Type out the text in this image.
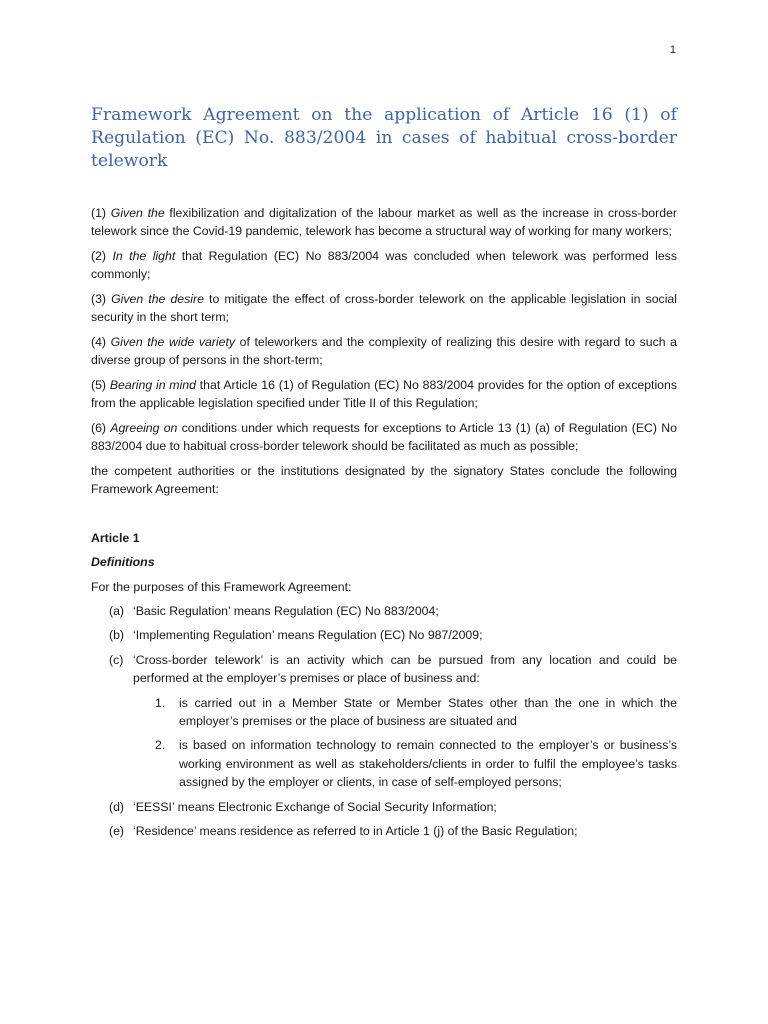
1
Framework Agreement on the application of Article 16 (1) of Regulation (EC) No. 883/2004 in cases of habitual cross-border telework

(1) Given the flexibilization and digitalization of the labour market as well as the increase in cross-border telework since the Covid-19 pandemic, telework has become a structural way of working for many workers;

(2) In the light that Regulation (EC) No 883/2004 was concluded when telework was performed less commonly;

(3) Given the desire to mitigate the effect of cross-border telework on the applicable legislation in social security in the short term;

(4) Given the wide variety of teleworkers and the complexity of realizing this desire with regard to such a diverse group of persons in the short-term;

(5) Bearing in mind that Article 16 (1) of Regulation (EC) No 883/2004 provides for the option of exceptions from the applicable legislation specified under Title II of this Regulation;

(6) Agreeing on conditions under which requests for exceptions to Article 13 (1) (a) of Regulation (EC) No 883/2004 due to habitual cross-border telework should be facilitated as much as possible;

the competent authorities or the institutions designated by the signatory States conclude the following Framework Agreement:

Article 1
Definitions
For the purposes of this Framework Agreement:
(a) ‘Basic Regulation’ means Regulation (EC) No 883/2004;
(b) ‘Implementing Regulation’ means Regulation (EC) No 987/2009;
(c) ‘Cross-border telework’ is an activity which can be pursued from any location and could be performed at the employer’s premises or place of business and:
1. is carried out in a Member State or Member States other than the one in which the employer’s premises or the place of business are situated and
2. is based on information technology to remain connected to the employer’s or business’s working environment as well as stakeholders/clients in order to fulfil the employee’s tasks assigned by the employer or clients, in case of self-employed persons;
(d) ‘EESSI’ means Electronic Exchange of Social Security Information;
(e) ‘Residence’ means residence as referred to in Article 1 (j) of the Basic Regulation;
